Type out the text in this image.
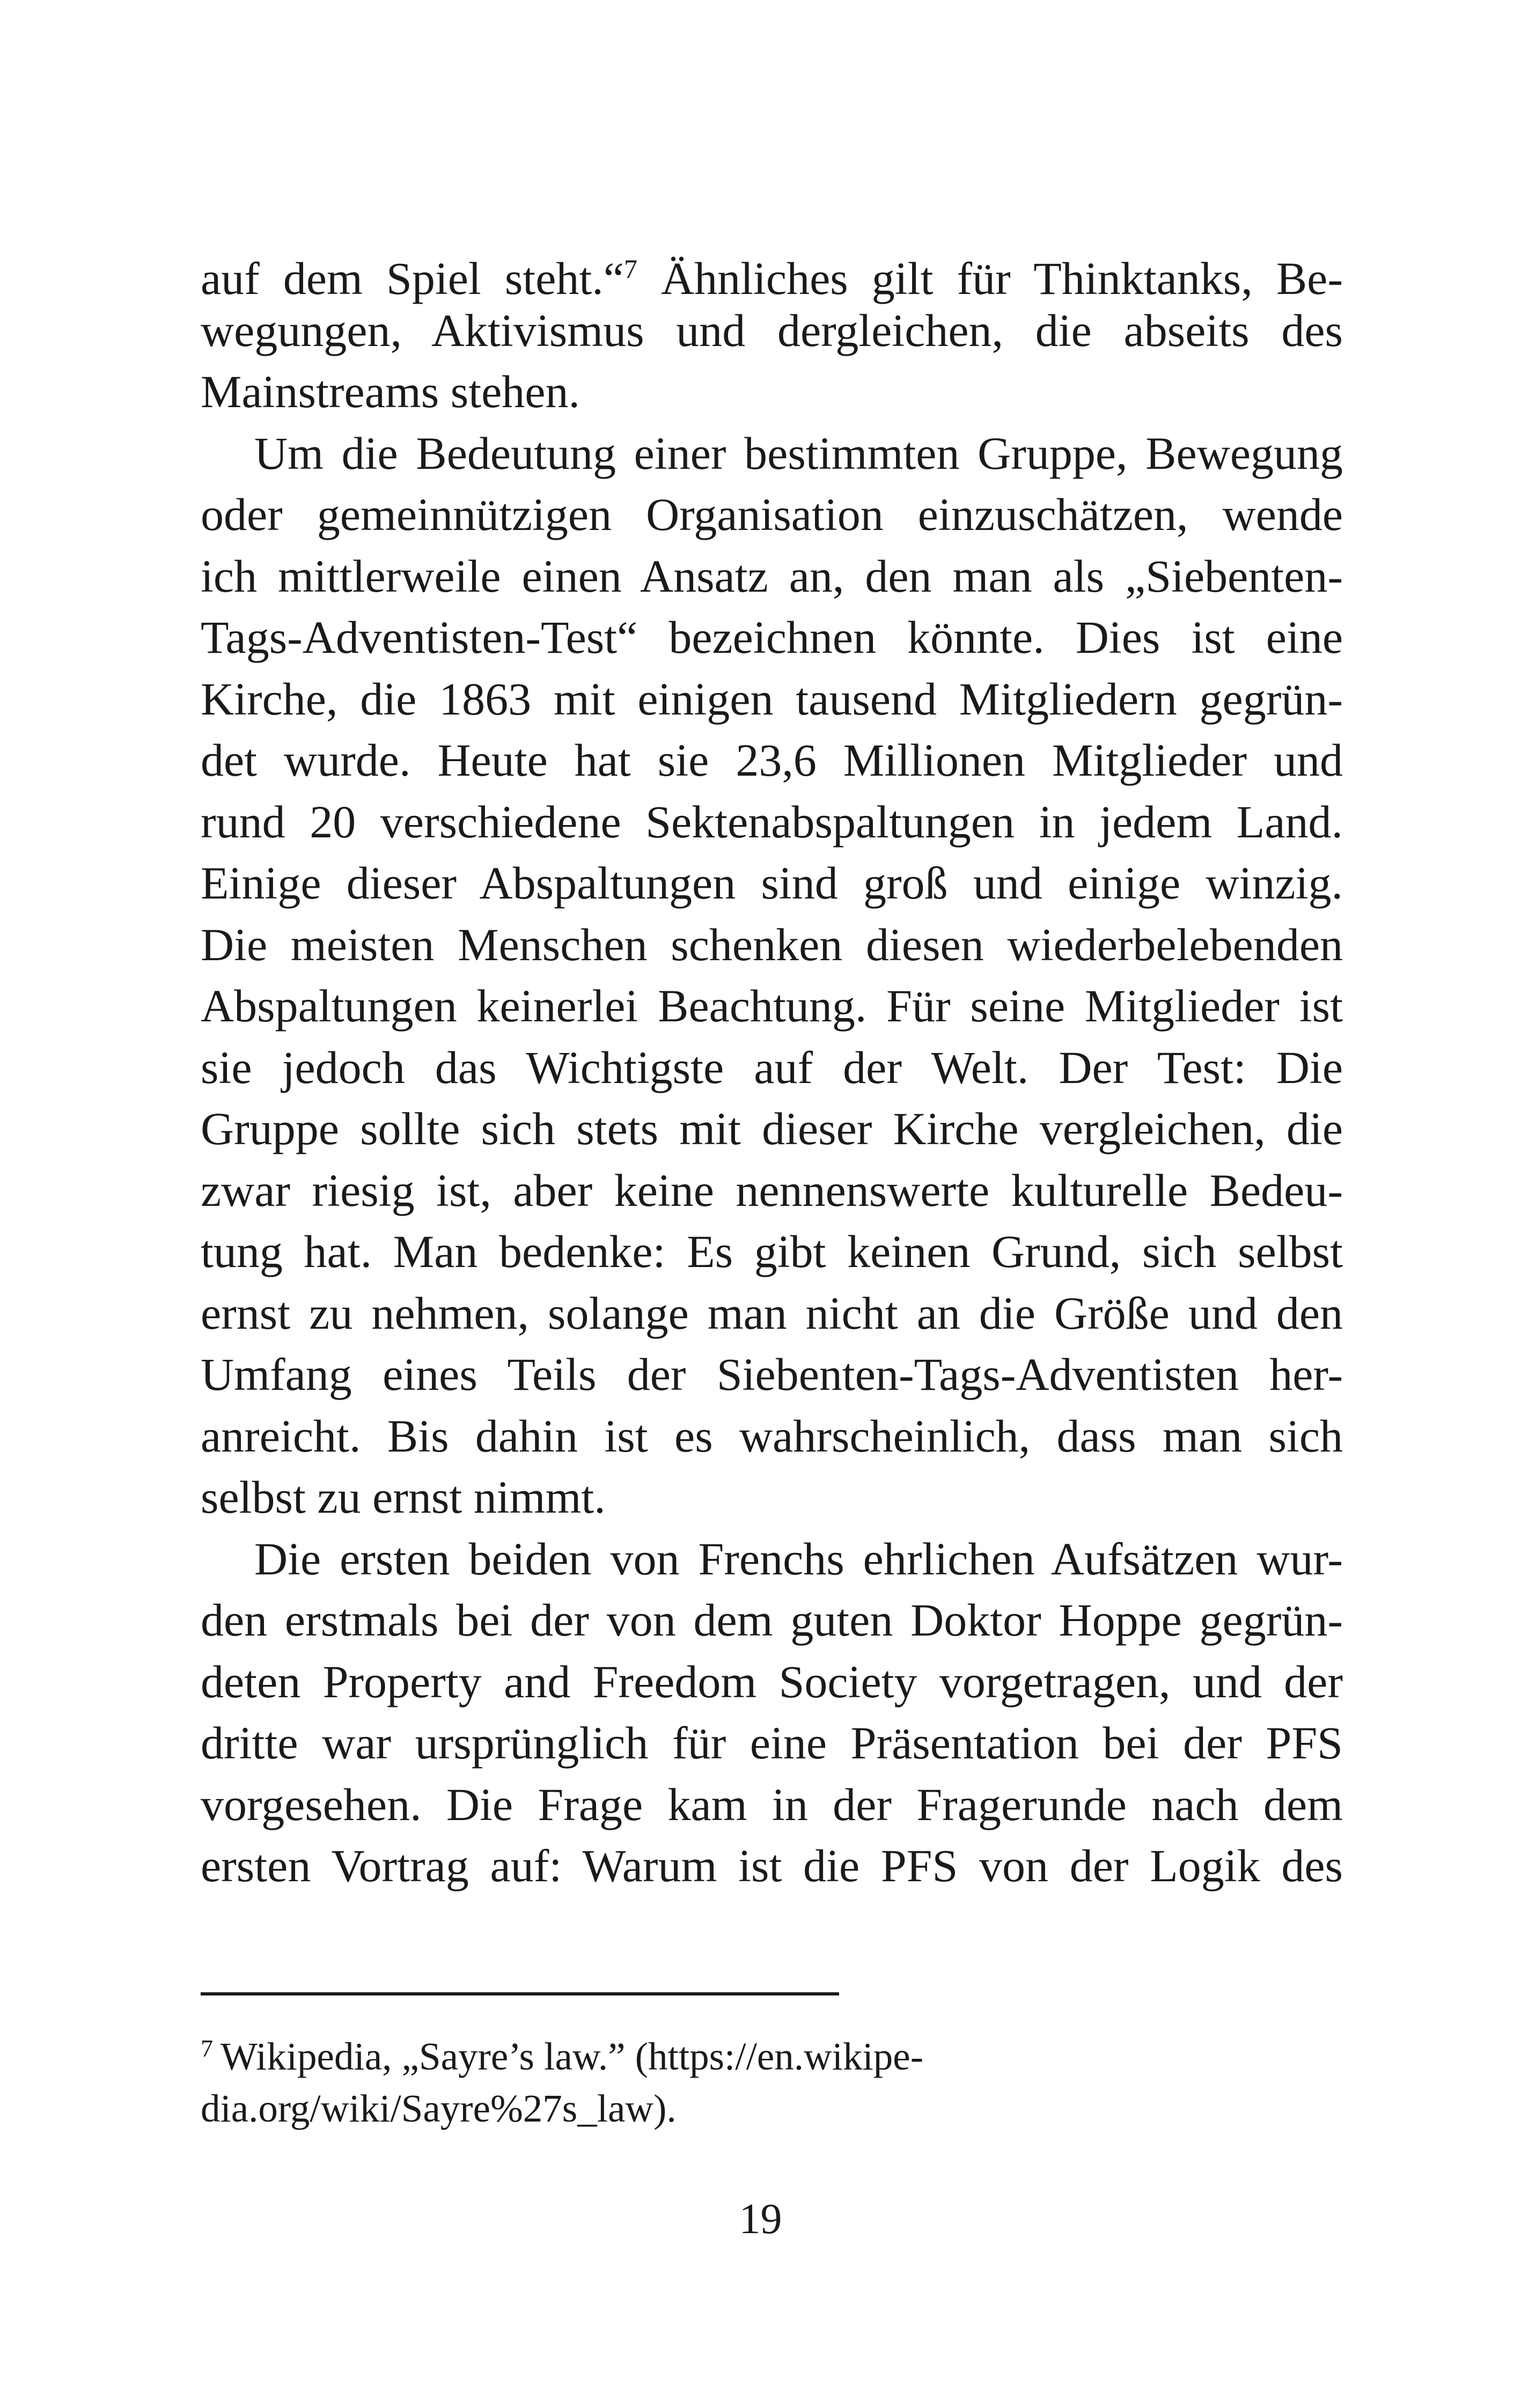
auf dem Spiel steht.“$^7$ Ähnliches gilt für Thinktanks, Be-
wegungen, Aktivismus und dergleichen, die abseits des
Mainstreams stehen.
Um die Bedeutung einer bestimmten Gruppe, Bewegung
oder gemeinnützigen Organisation einzuschätzen, wende
ich mittlerweile einen Ansatz an, den man als „Siebenten-
Tags-Adventisten-Test“ bezeichnen könnte. Dies ist eine
Kirche, die 1863 mit einigen tausend Mitgliedern gegrün-
det wurde. Heute hat sie 23,6 Millionen Mitglieder und
rund 20 verschiedene Sektenabspaltungen in jedem Land.
Einige dieser Abspaltungen sind groß und einige winzig.
Die meisten Menschen schenken diesen wiederbelebenden
Abspaltungen keinerlei Beachtung. Für seine Mitglieder ist
sie jedoch das Wichtigste auf der Welt. Der Test: Die
Gruppe sollte sich stets mit dieser Kirche vergleichen, die
zwar riesig ist, aber keine nennenswerte kulturelle Bedeu-
tung hat. Man bedenke: Es gibt keinen Grund, sich selbst
ernst zu nehmen, solange man nicht an die Größe und den
Umfang eines Teils der Siebenten-Tags-Adventisten her-
anreicht. Bis dahin ist es wahrscheinlich, dass man sich
selbst zu ernst nimmt.
Die ersten beiden von Frenchs ehrlichen Aufsätzen wur-
den erstmals bei der von dem guten Doktor Hoppe gegrün-
deten Property and Freedom Society vorgetragen, und der
dritte war ursprünglich für eine Präsentation bei der PFS
vorgesehen. Die Frage kam in der Fragerunde nach dem
ersten Vortrag auf: Warum ist die PFS von der Logik des
$^7$ Wikipedia, „Sayre’s law.” (https://en.wikipe-
dia.org/wiki/Sayre%27s_law).
19
